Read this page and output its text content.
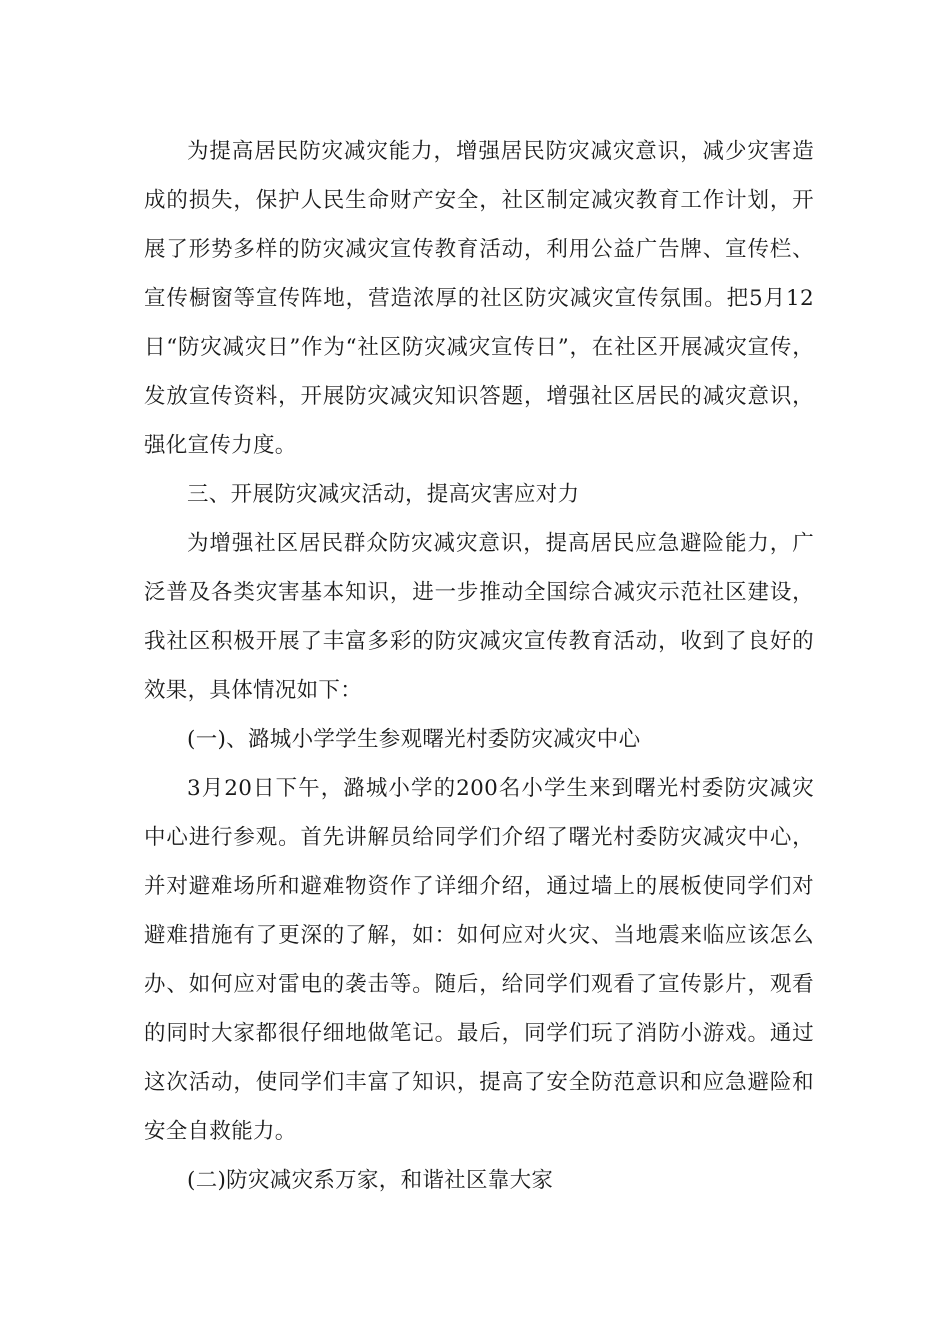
为提高居民防灾减灾能力，增强居民防灾减灾意识，减少灾害造成的损失，保护人民生命财产安全，社区制定减灾教育工作计划，开展了形势多样的防灾减灾宣传教育活动，利用公益广告牌、宣传栏、宣传橱窗等宣传阵地，营造浓厚的社区防灾减灾宣传氛围。把5月12日“防灾减灾日”作为“社区防灾减灾宣传日”，在社区开展减灾宣传，发放宣传资料，开展防灾减灾知识答题，增强社区居民的减灾意识，强化宣传力度。

三、开展防灾减灾活动，提高灾害应对力

为增强社区居民群众防灾减灾意识，提高居民应急避险能力，广泛普及各类灾害基本知识，进一步推动全国综合减灾示范社区建设，我社区积极开展了丰富多彩的防灾减灾宣传教育活动，收到了良好的效果，具体情况如下：

(一)、潞城小学学生参观曙光村委防灾减灾中心

3月20日下午，潞城小学的200名小学生来到曙光村委防灾减灾中心进行参观。首先讲解员给同学们介绍了曙光村委防灾减灾中心，并对避难场所和避难物资作了详细介绍，通过墙上的展板使同学们对避难措施有了更深的了解，如：如何应对火灾、当地震来临应该怎么办、如何应对雷电的袭击等。随后，给同学们观看了宣传影片，观看的同时大家都很仔细地做笔记。最后，同学们玩了消防小游戏。通过这次活动，使同学们丰富了知识，提高了安全防范意识和应急避险和安全自救能力。

(二)防灾减灾系万家，和谐社区靠大家
